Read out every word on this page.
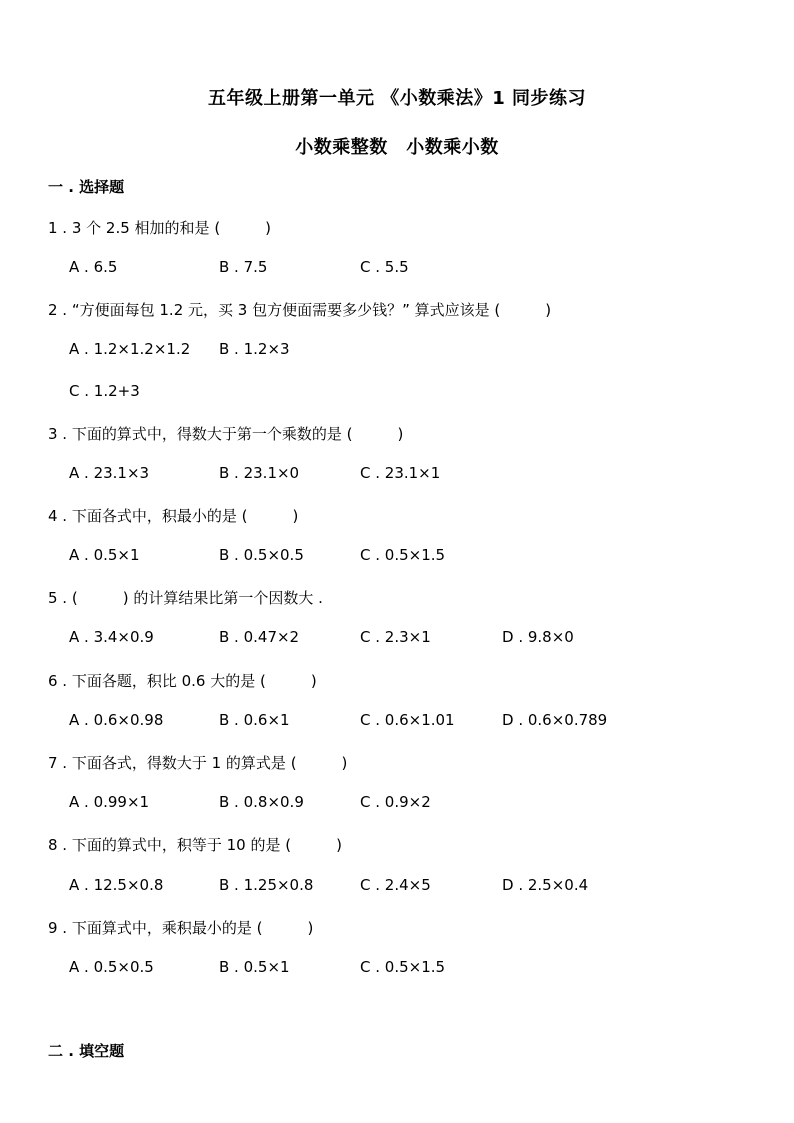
五年级上册第一单元 《小数乘法》1 同步练习
小数乘整数　小数乘小数
一 . 选择题
1 . 3 个 2.5 相加的和是 (　　　)
A . 6.5	B . 7.5	C . 5.5
2 . “方便面每包 1.2 元，买 3 包方便面需要多少钱？” 算式应该是 (　　　)
A . 1.2×1.2×1.2 B . 1.2×3
C . 1.2+3
3 . 下面的算式中，得数大于第一个乘数的是 (　　　)
A . 23.1×3	B . 23.1×0	C . 23.1×1
4 . 下面各式中，积最小的是 (　　　)
A . 0.5×1	B . 0.5×0.5	C . 0.5×1.5
5 . (　　　) 的计算结果比第一个因数大 .
A . 3.4×0.9	B . 0.47×2	C . 2.3×1	D . 9.8×0
6 . 下面各题，积比 0.6 大的是 (　　　)
A . 0.6×0.98	B . 0.6×1	C . 0.6×1.01	D . 0.6×0.789
7 . 下面各式，得数大于 1 的算式是 (　　　)
A . 0.99×1	B . 0.8×0.9	C . 0.9×2
8 . 下面的算式中，积等于 10 的是 (　　　)
A . 12.5×0.8	B . 1.25×0.8	C . 2.4×5	D . 2.5×0.4
9 . 下面算式中，乘积最小的是 (　　　)
A . 0.5×0.5	B . 0.5×1	C . 0.5×1.5
二 . 填空题
